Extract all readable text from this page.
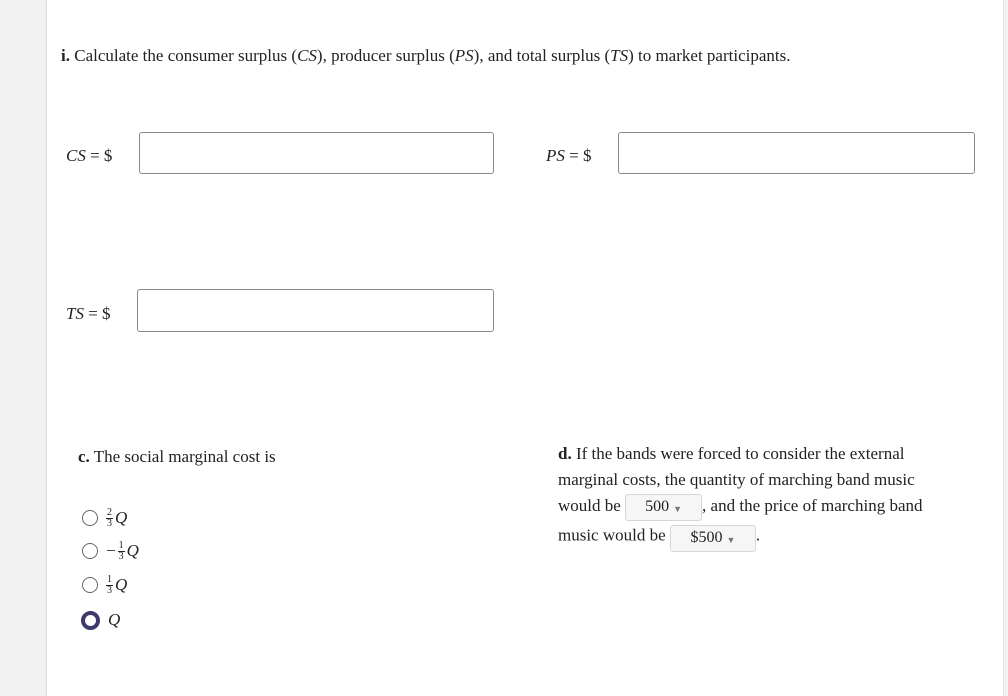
i. Calculate the consumer surplus (CS), producer surplus (PS), and total surplus (TS) to market participants.
CS = $	PS = $
TS = $
c. The social marginal cost is
$\frac{2}{3}$ Q
− $\frac{1}{3}$ Q
$\frac{1}{3}$ Q
Q
d. If the bands were forced to consider the external marginal costs, the quantity of marching band music would be 500 ▼ , and the price of marching band music would be $500 ▼ .
